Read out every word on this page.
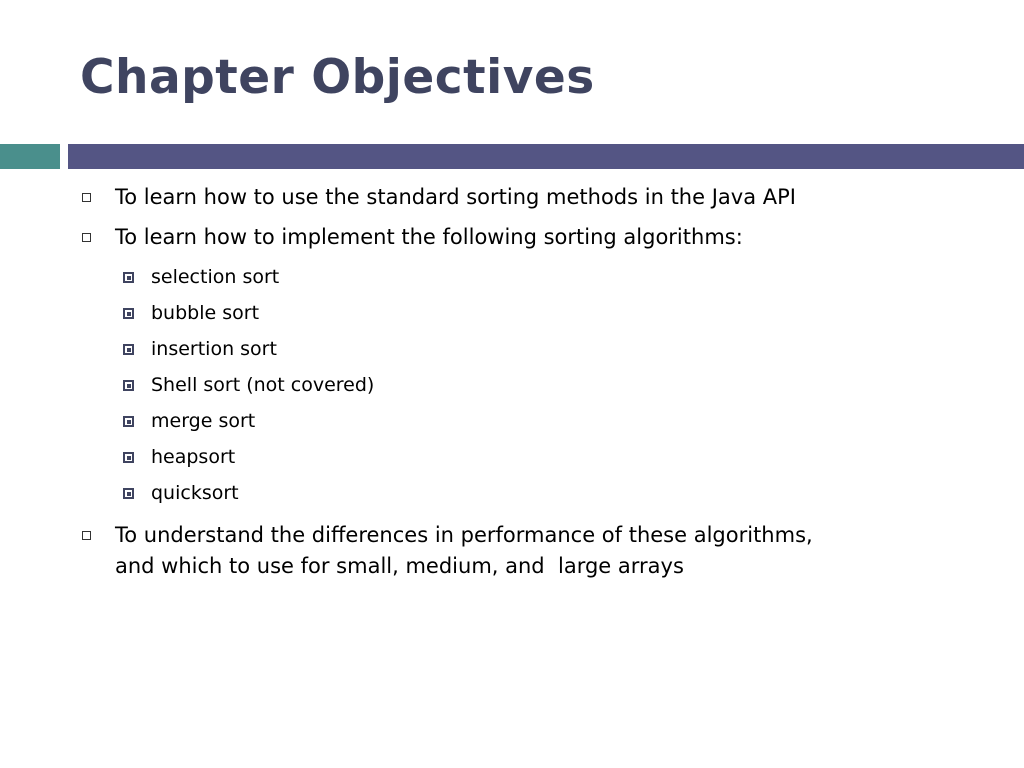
Chapter Objectives
To learn how to use the standard sorting methods in the Java API
To learn how to implement the following sorting algorithms:
selection sort
bubble sort
insertion sort
Shell sort (not covered)
merge sort
heapsort
quicksort
To understand the differences in performance of these algorithms,
and which to use for small, medium, and  large arrays
